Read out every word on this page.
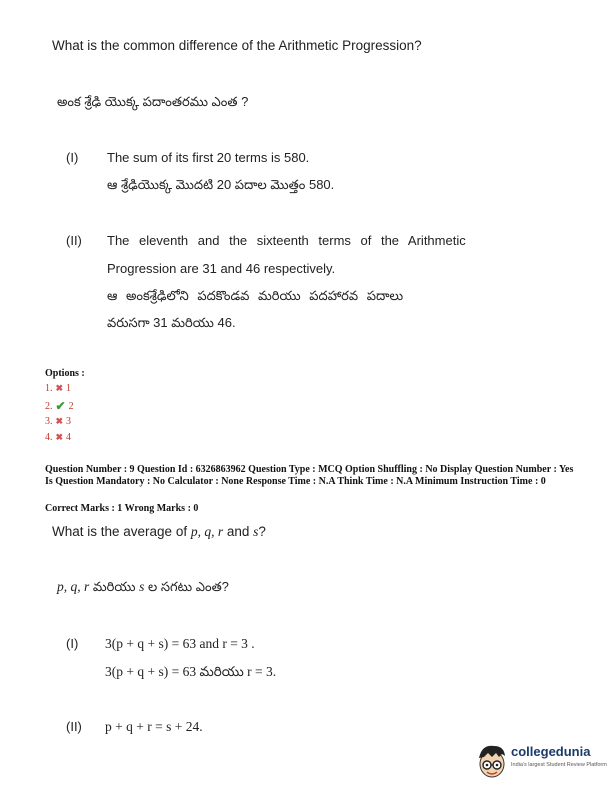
What is the common difference of the Arithmetic Progression?
అంక శ్రేఢి యొక్క పదాంతరము ఎంత ?
(I) The sum of its first 20 terms is 580.
ఆ శ్రేఢియొక్క మొదటి 20 పదాల మొత్తం 580.
(II) The eleventh and the sixteenth terms of the Arithmetic
Progression are 31 and 46 respectively.
ఆ అంకశ్రేఢిలోని పదకొండవ మరియు పదహారవ పదాలు
వరుసగా 31 మరియు 46.
Options :
1. ✖ 1
2. ✔ 2
3. ✖ 3
4. ✖ 4
Question Number : 9 Question Id : 6326863962 Question Type : MCQ Option Shuffling : No Display Question Number : Yes Is Question Mandatory : No Calculator : None Response Time : N.A Think Time : N.A Minimum Instruction Time : 0
Correct Marks : 1 Wrong Marks : 0
What is the average of p, q, r and s?
p, q, r మరియు s ల సగటు ఎంత?
(I) 3(p + q + s) = 63 and r = 3 .
3(p + q + s) = 63 మరియు r = 3.
(II) p + q + r = s + 24.
collegedunia
India's largest Student Review Platform
